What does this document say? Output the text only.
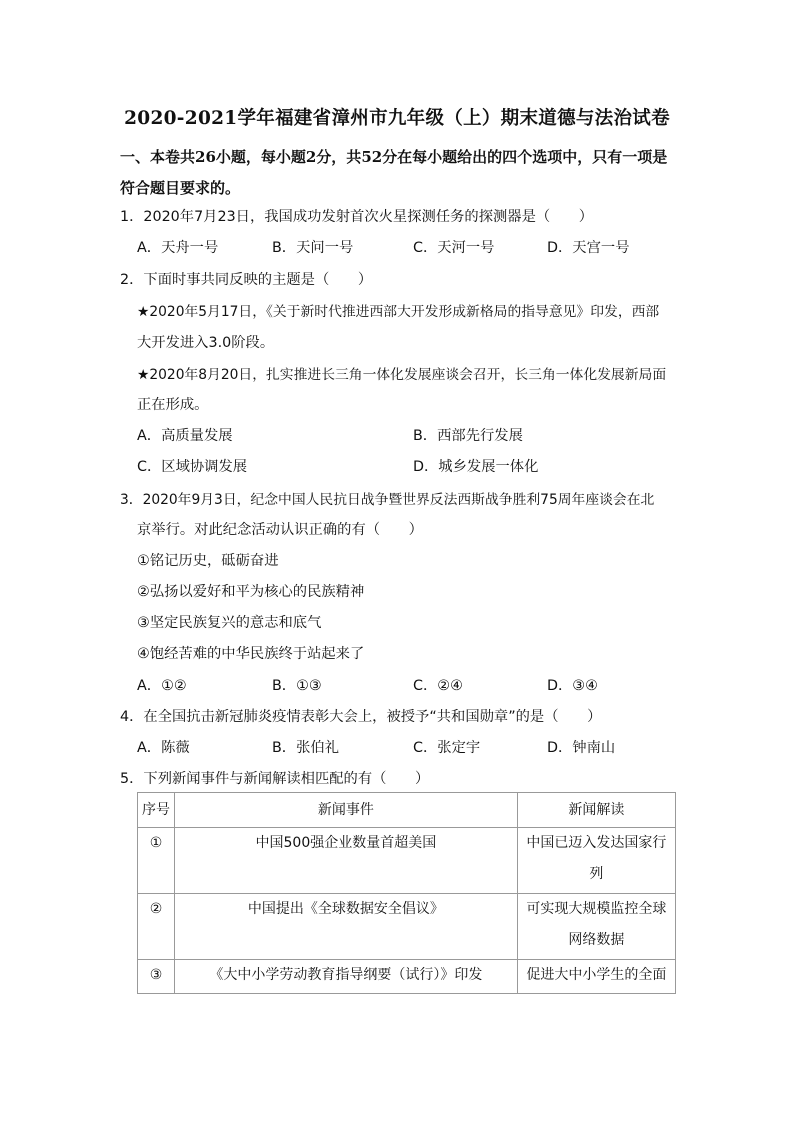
2020-2021学年福建省漳州市九年级（上）期末道德与法治试卷
一、本卷共26小题，每小题2分，共52分在每小题给出的四个选项中，只有一项是符合题目要求的。
1．2020年7月23日，我国成功发射首次火星探测任务的探测器是（　　）
A．天舟一号	B．天问一号	C．天河一号	D．天宫一号
2．下面时事共同反映的主题是（　　）
★2020年5月17日，《关于新时代推进西部大开发形成新格局的指导意见》印发，西部
大开发进入3.0阶段。
★2020年8月20日，扎实推进长三角一体化发展座谈会召开，长三角一体化发展新局面
正在形成。
A．高质量发展	B．西部先行发展
C．区域协调发展	D．城乡发展一体化
3．2020年9月3日，纪念中国人民抗日战争暨世界反法西斯战争胜利75周年座谈会在北
京举行。对此纪念活动认识正确的有（　　）
①铭记历史，砥砺奋进
②弘扬以爱好和平为核心的民族精神
③坚定民族复兴的意志和底气
④饱经苦难的中华民族终于站起来了
A．①②	B．①③	C．②④	D．③④
4．在全国抗击新冠肺炎疫情表彰大会上，被授予“共和国勋章”的是（　　）
A．陈薇	B．张伯礼	C．张定宇	D．钟南山
5．下列新闻事件与新闻解读相匹配的有（　　）
序号	新闻事件	新闻解读
①	中国500强企业数量首超美国	中国已迈入发达国家行列
②	中国提出《全球数据安全倡议》	可实现大规模监控全球网络数据
③	《大中小学劳动教育指导纲要（试行）》印发	促进大中小学生的全面
